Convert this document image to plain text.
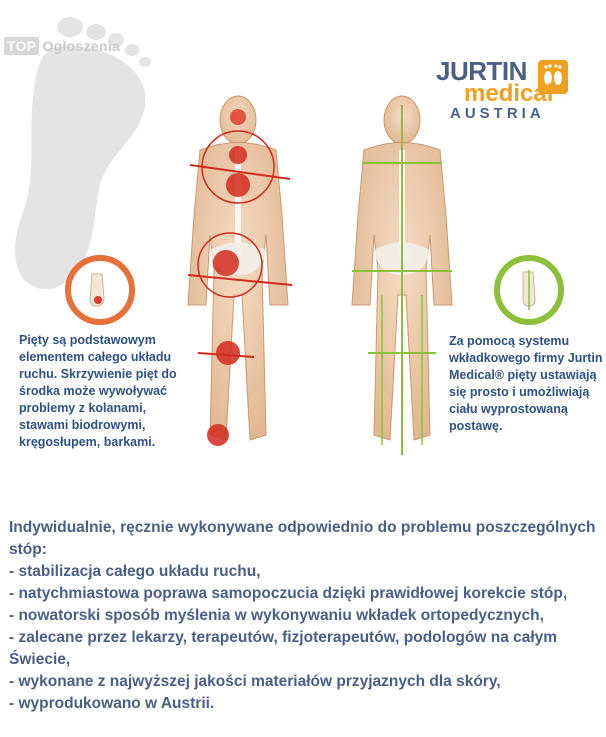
TOP Ogłoszenia
JURTIN
medical
AUSTRIA
Pięty są podstawowym elementem całego układu ruchu. Skrzywienie pięt do środka może wywoływać problemy z kolanami, stawami biodrowymi, kręgosłupem, barkami.
Za pomocą systemu wkładkowego firmy Jurtin Medical® pięty ustawiają się prosto i umożliwiają ciału wyprostowaną postawę.

Indywidualnie, ręcznie wykonywane odpowiednio do problemu poszczególnych stóp:

- stabilizacja całego układu ruchu,
- natychmiastowa poprawa samopoczucia dzięki prawidłowej korekcie stóp,
- nowatorski sposób myślenia w wykonywaniu wkładek ortopedycznych,
- zalecane przez lekarzy, terapeutów, fizjoterapeutów, podologów na całym Świecie,
- wykonane z najwyższej jakości materiałów przyjaznych dla skóry,
- wyprodukowano w Austrii.
